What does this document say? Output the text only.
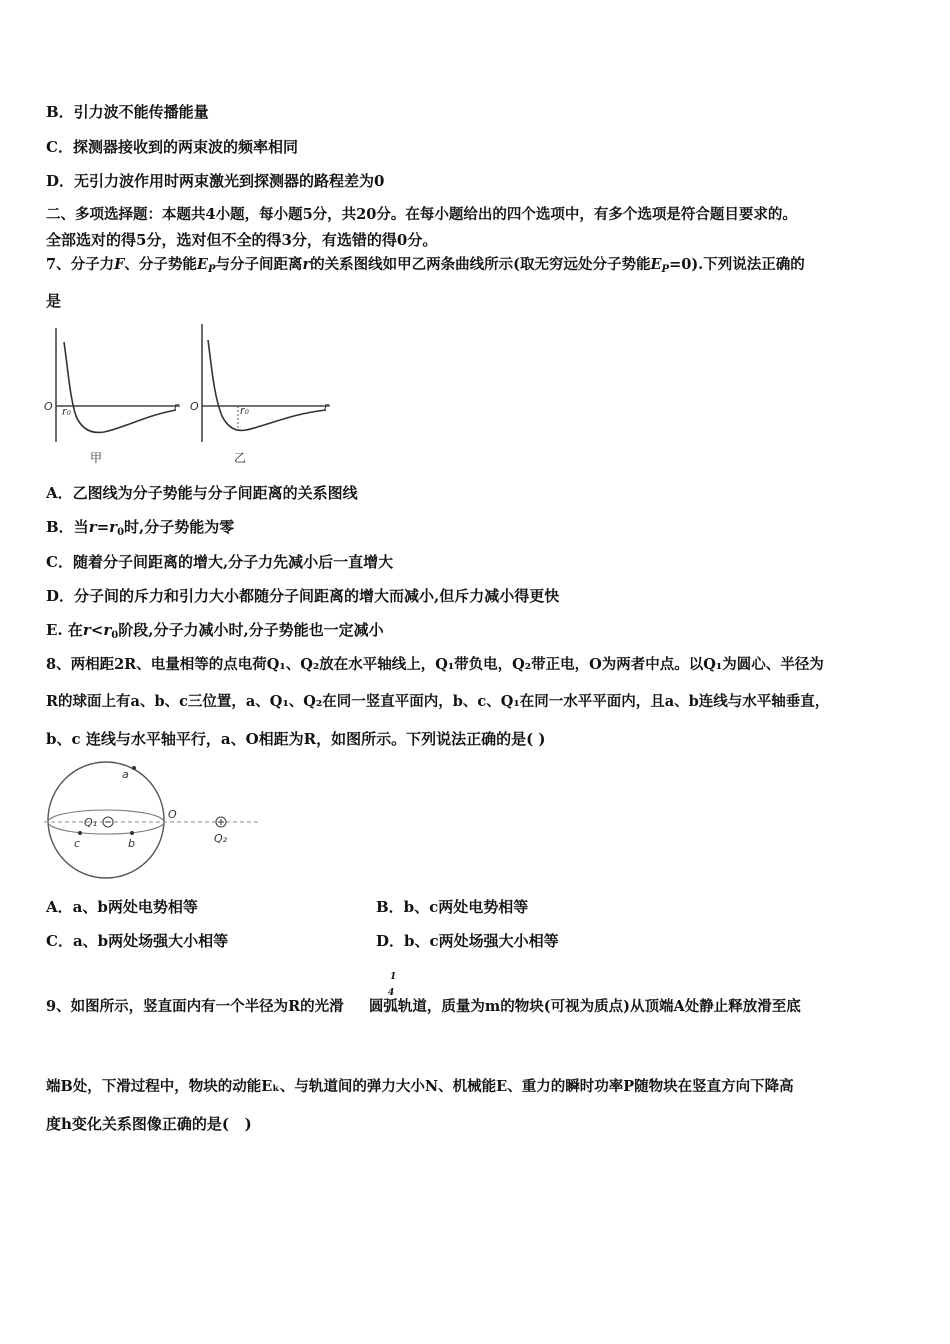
B．引力波不能传播能量
C．探测器接收到的两束波的频率相同
D．无引力波作用时两束激光到探测器的路程差为0
二、多项选择题：本题共4小题，每小题5分，共20分。在每小题给出的四个选项中，有多个选项是符合题目要求的。
全部选对的得5分，选对但不全的得3分，有选错的得0分。
7、分子力F、分子势能$E_P$与分子间距离r的关系图线如甲乙两条曲线所示(取无穷远处分子势能$E_P=0$).下列说法正确的
是
O r₀	r
甲
O	r₀	r
乙
A．乙图线为分子势能与分子间距离的关系图线
B．当$r=r_0$时,分子势能为零
C．随着分子间距离的增大,分子力先减小后一直增大
D．分子间的斥力和引力大小都随分子间距离的增大而减小,但斥力减小得更快
E. 在$r<r_0$阶段,分子力减小时,分子势能也一定减小
8、两相距2R、电量相等的点电荷Q₁、Q₂放在水平轴线上，Q₁带负电，Q₂带正电，O为两者中点。以Q₁为圆心、半径为
R的球面上有a、b、c三位置，a、Q₁、Q₂在同一竖直平面内，b、c、Q₁在同一水平平面内，且a、b连线与水平轴垂直，
b、c 连线与水平轴平行，a、O相距为R，如图所示。下列说法正确的是( )
a
b
c
O
Q₁
Q₂
A．a、b两处电势相等	B．b、c两处电势相等
C．a、b两处场强大小相等	D．b、c两处场强大小相等
1
4
9、如图所示，竖直面内有一个半径为R的光滑     圆弧轨道，质量为m的物块(可视为质点)从顶端A处静止释放滑至底
端B处，下滑过程中，物块的动能Eₖ、与轨道间的弹力大小N、机械能E、重力的瞬时功率P随物块在竖直方向下降高
度h变化关系图像正确的是(   )
